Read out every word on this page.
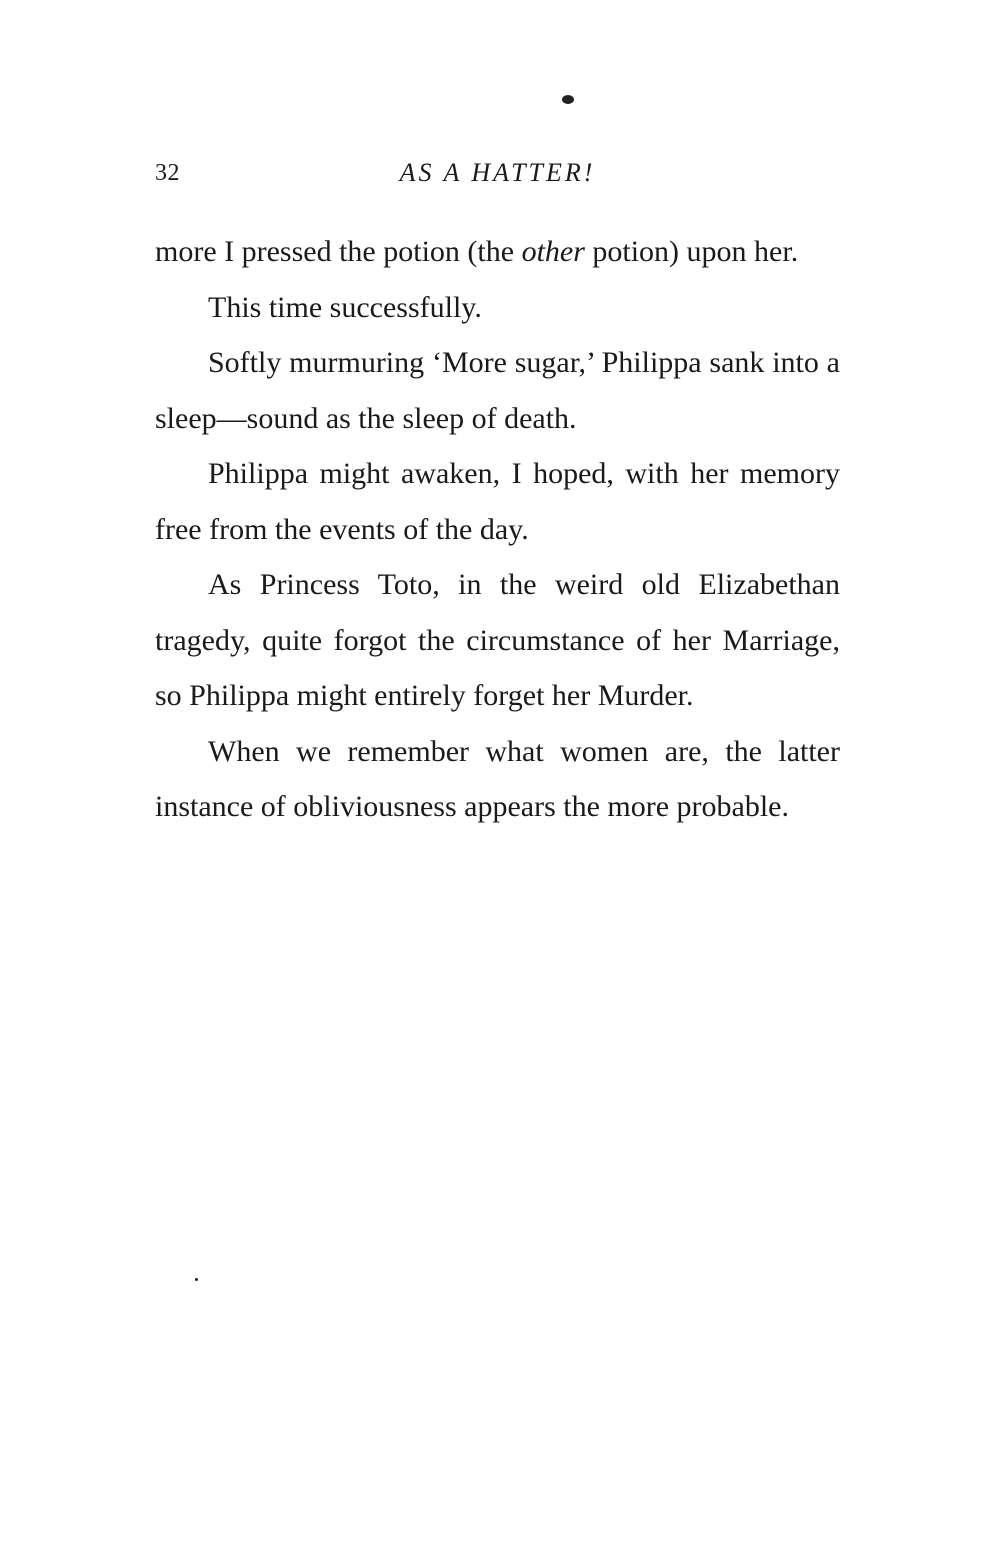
32	AS A HATTER!

more I pressed the potion (the other potion) upon her.

This time successfully.

Softly murmuring ‘More sugar,’ Philippa sank into a sleep—sound as the sleep of death.

Philippa might awaken, I hoped, with her memory free from the events of the day.

As Princess Toto, in the weird old Elizabethan tragedy, quite forgot the circumstance of her Marriage, so Philippa might entirely forget her Murder.

When we remember what women are, the latter instance of obliviousness appears the more probable.
